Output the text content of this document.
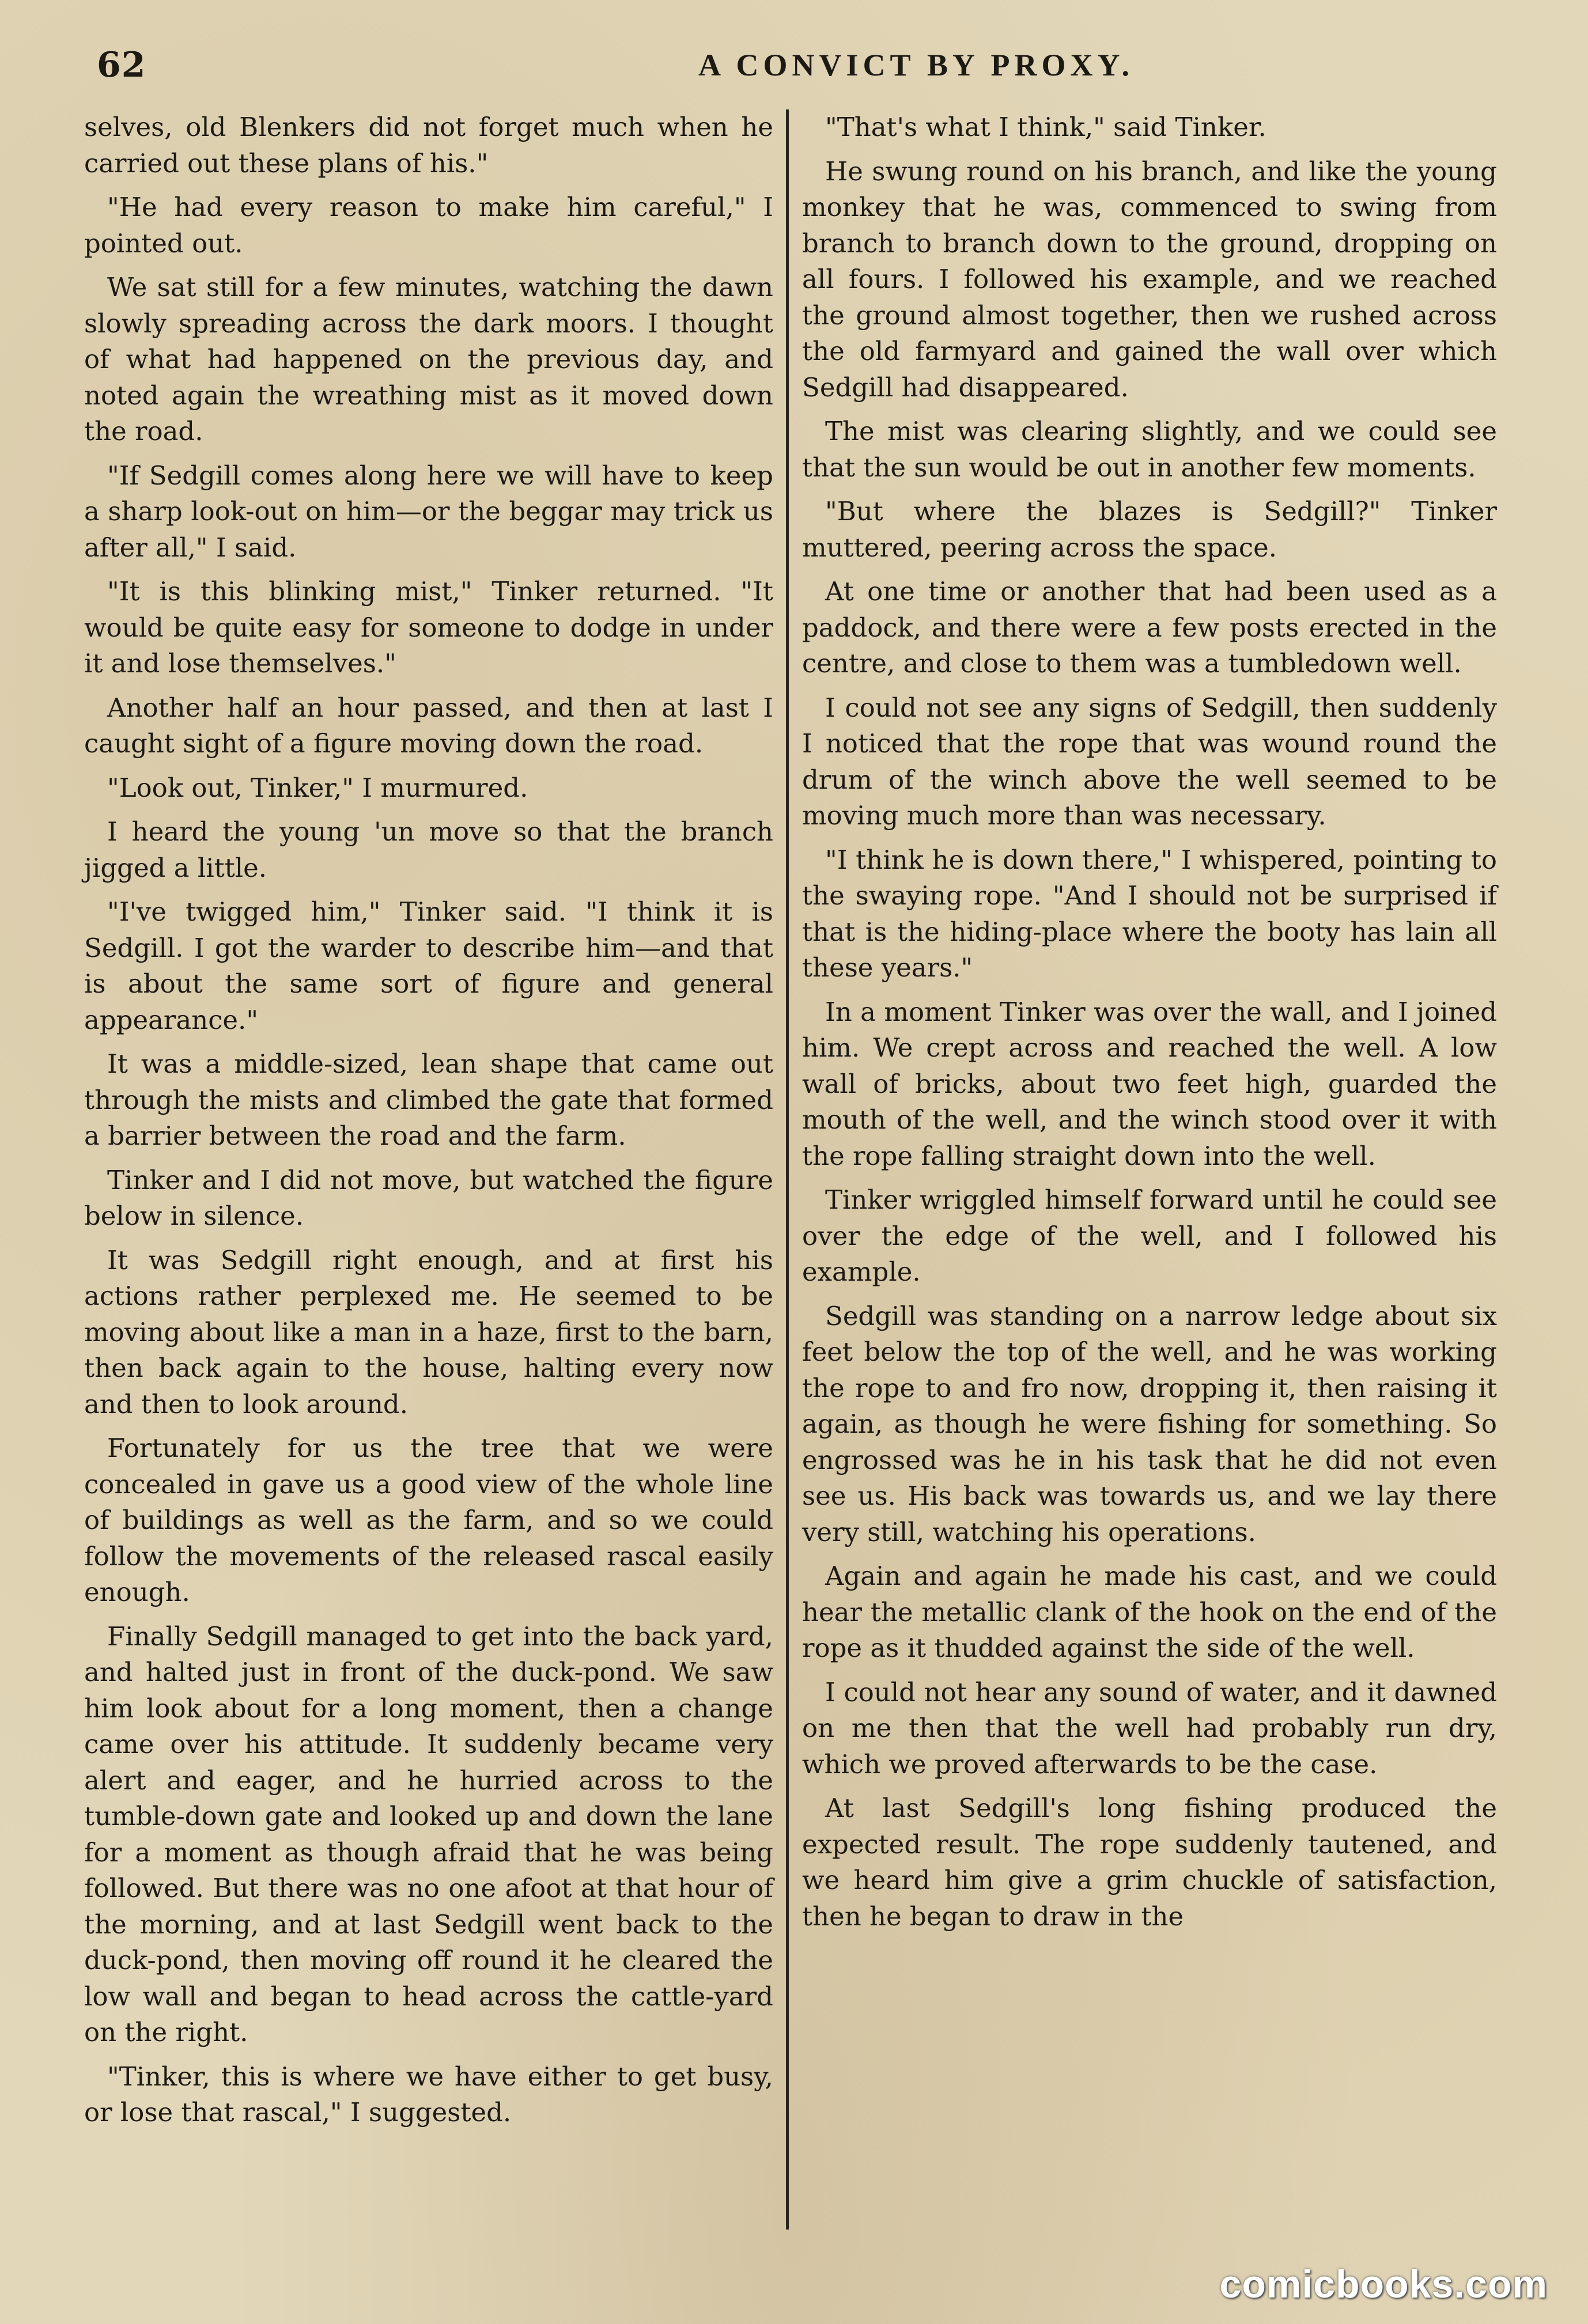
62	A CONVICT BY PROXY.

selves, old Blenkers did not forget much when he carried out these plans of his."

"He had every reason to make him careful," I pointed out.

We sat still for a few minutes, watching the dawn slowly spreading across the dark moors. I thought of what had happened on the previous day, and noted again the wreathing mist as it moved down the road.

"If Sedgill comes along here we will have to keep a sharp look-out on him—or the beggar may trick us after all," I said.

"It is this blinking mist," Tinker returned. "It would be quite easy for someone to dodge in under it and lose themselves."

Another half an hour passed, and then at last I caught sight of a figure moving down the road.

"Look out, Tinker," I murmured.

I heard the young 'un move so that the branch jigged a little.

"I've twigged him," Tinker said. "I think it is Sedgill. I got the warder to describe him—and that is about the same sort of figure and general appearance."

It was a middle-sized, lean shape that came out through the mists and climbed the gate that formed a barrier between the road and the farm.

Tinker and I did not move, but watched the figure below in silence.

It was Sedgill right enough, and at first his actions rather perplexed me. He seemed to be moving about like a man in a haze, first to the barn, then back again to the house, halting every now and then to look around.

Fortunately for us the tree that we were concealed in gave us a good view of the whole line of buildings as well as the farm, and so we could follow the movements of the released rascal easily enough.

Finally Sedgill managed to get into the back yard, and halted just in front of the duck-pond. We saw him look about for a long moment, then a change came over his attitude. It suddenly became very alert and eager, and he hurried across to the tumble-down gate and looked up and down the lane for a moment as though afraid that he was being followed. But there was no one afoot at that hour of the morning, and at last Sedgill went back to the duck-pond, then moving off round it he cleared the low wall and began to head across the cattle-yard on the right.

"Tinker, this is where we have either to get busy, or lose that rascal," I suggested.

"That's what I think," said Tinker.

He swung round on his branch, and like the young monkey that he was, commenced to swing from branch to branch down to the ground, dropping on all fours. I followed his example, and we reached the ground almost together, then we rushed across the old farmyard and gained the wall over which Sedgill had disappeared.

The mist was clearing slightly, and we could see that the sun would be out in another few moments.

"But where the blazes is Sedgill?" Tinker muttered, peering across the space.

At one time or another that had been used as a paddock, and there were a few posts erected in the centre, and close to them was a tumbledown well.

I could not see any signs of Sedgill, then suddenly I noticed that the rope that was wound round the drum of the winch above the well seemed to be moving much more than was necessary.

"I think he is down there," I whispered, pointing to the swaying rope. "And I should not be surprised if that is the hiding-place where the booty has lain all these years."

In a moment Tinker was over the wall, and I joined him. We crept across and reached the well. A low wall of bricks, about two feet high, guarded the mouth of the well, and the winch stood over it with the rope falling straight down into the well.

Tinker wriggled himself forward until he could see over the edge of the well, and I followed his example.

Sedgill was standing on a narrow ledge about six feet below the top of the well, and he was working the rope to and fro now, dropping it, then raising it again, as though he were fishing for something. So engrossed was he in his task that he did not even see us. His back was towards us, and we lay there very still, watching his operations.

Again and again he made his cast, and we could hear the metallic clank of the hook on the end of the rope as it thudded against the side of the well.

I could not hear any sound of water, and it dawned on me then that the well had probably run dry, which we proved afterwards to be the case.

At last Sedgill's long fishing produced the expected result. The rope suddenly tautened, and we heard him give a grim chuckle of satisfaction, then he began to draw in the

comicbooks.com
